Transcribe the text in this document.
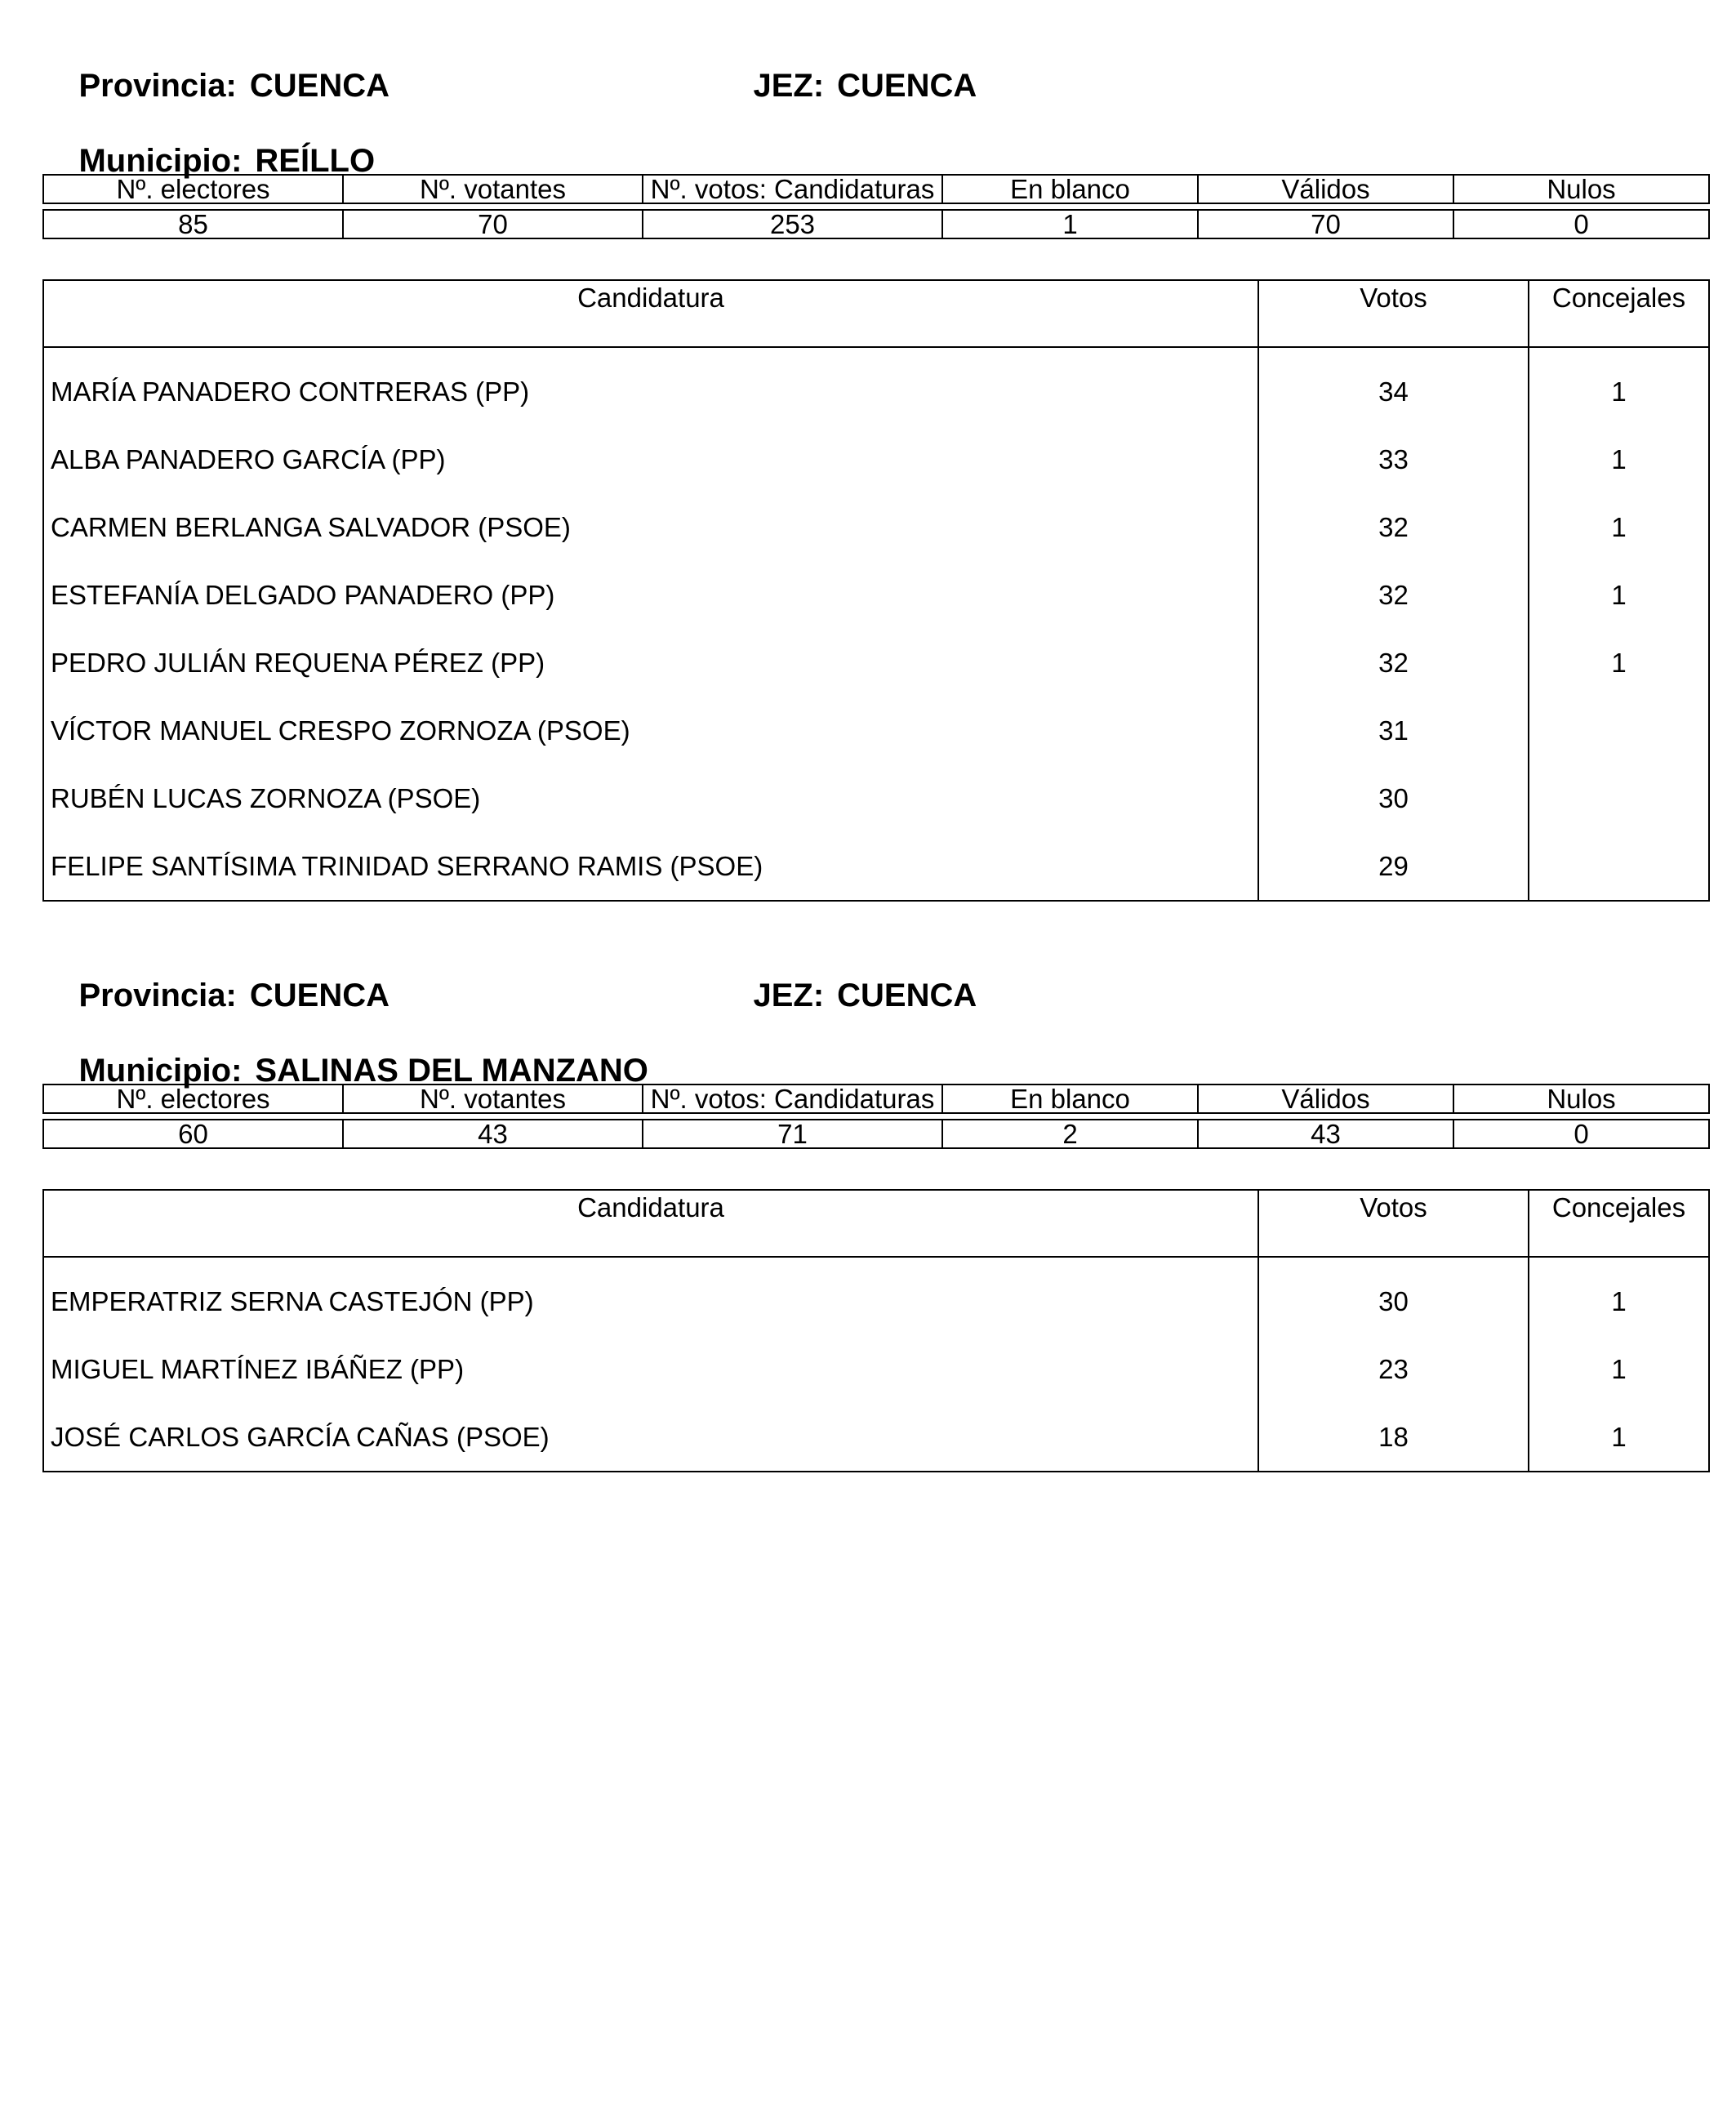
Provincia: CUENCA
	JEZ: CUENCA

Municipio: REÍLLO

Nº. electores	Nº. votantes	Nº. votos: Candidaturas	En blanco	Válidos	Nulos

85	70	253	1	70	0
Candidatura	Votos	Concejales
MARÍA PANADERO CONTRERAS (PP)	34	1
ALBA PANADERO GARCÍA (PP)	33	1
CARMEN BERLANGA SALVADOR (PSOE)	32	1
ESTEFANÍA DELGADO PANADERO (PP)	32	1
PEDRO JULIÁN REQUENA PÉREZ (PP)	32	1
VÍCTOR MANUEL CRESPO ZORNOZA (PSOE)	31	
RUBÉN LUCAS ZORNOZA (PSOE)	30	
FELIPE SANTÍSIMA TRINIDAD SERRANO RAMIS (PSOE)	29	

Provincia: CUENCA
	JEZ: CUENCA

Municipio: SALINAS DEL MANZANO

Nº. electores	Nº. votantes	Nº. votos: Candidaturas	En blanco	Válidos	Nulos

60	43	71	2	43	0
Candidatura	Votos	Concejales
EMPERATRIZ SERNA CASTEJÓN (PP)	30	1
MIGUEL MARTÍNEZ IBÁÑEZ (PP)	23	1
JOSÉ CARLOS GARCÍA CAÑAS (PSOE)	18	1
